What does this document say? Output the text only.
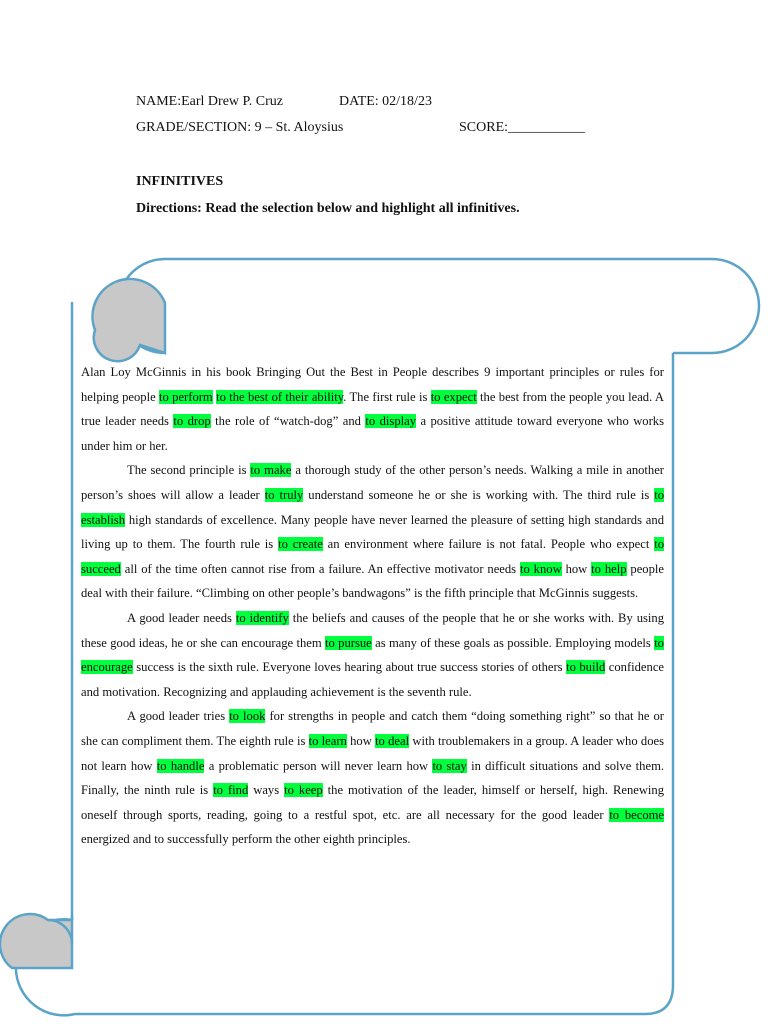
NAME:Earl Drew P. Cruz	DATE: 02/18/23
GRADE/SECTION: 9 – St. Aloysius	SCORE:___________
INFINITIVES
Directions: Read the selection below and highlight all infinitives.

Alan Loy McGinnis in his book Bringing Out the Best in People describes 9 important principles or rules for helping people to perform to the best of their ability. The first rule is to expect the best from the people you lead. A true leader needs to drop the role of “watch-dog” and to display a positive attitude toward everyone who works under him or her.

The second principle is to make a thorough study of the other person’s needs. Walking a mile in another person’s shoes will allow a leader to truly understand someone he or she is working with. The third rule is to establish high standards of excellence. Many people have never learned the pleasure of setting high standards and living up to them. The fourth rule is to create an environment where failure is not fatal. People who expect to succeed all of the time often cannot rise from a failure. An effective motivator needs to know how to help people deal with their failure. “Climbing on other people’s bandwagons” is the fifth principle that McGinnis suggests.

A good leader needs to identify the beliefs and causes of the people that he or she works with. By using these good ideas, he or she can encourage them to pursue as many of these goals as possible. Employing models to encourage success is the sixth rule. Everyone loves hearing about true success stories of others to build confidence and motivation. Recognizing and applauding achievement is the seventh rule.

A good leader tries to look for strengths in people and catch them “doing something right” so that he or she can compliment them. The eighth rule is to learn how to deal with troublemakers in a group. A leader who does not learn how to handle a problematic person will never learn how to stay in difficult situations and solve them. Finally, the ninth rule is to find ways to keep the motivation of the leader, himself or herself, high. Renewing oneself through sports, reading, going to a restful spot, etc. are all necessary for the good leader to become energized and to successfully perform the other eighth principles.
